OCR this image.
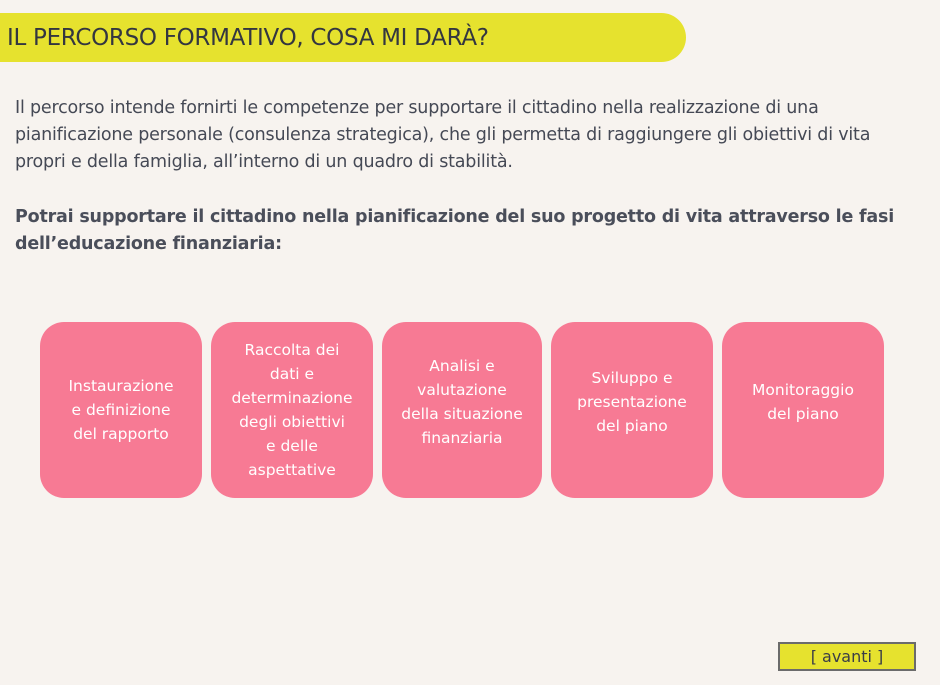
IL PERCORSO FORMATIVO, COSA MI DARÀ?

Il percorso intende fornirti le competenze per supportare il cittadino nella realizzazione di una pianificazione personale (consulenza strategica), che gli permetta di raggiungere gli obiettivi di vita propri e della famiglia, all’interno di un quadro di stabilità.

Potrai supportare il cittadino nella pianificazione del suo progetto di vita attraverso le fasi dell’educazione finanziaria:

Instaurazione
e definizione
del rapporto
Raccolta dei
dati e
determinazione
degli obiettivi
e delle
aspettative
Analisi e
valutazione
della situazione
finanziaria
Sviluppo e
presentazione
del piano
Monitoraggio
del piano
[ avanti ]
